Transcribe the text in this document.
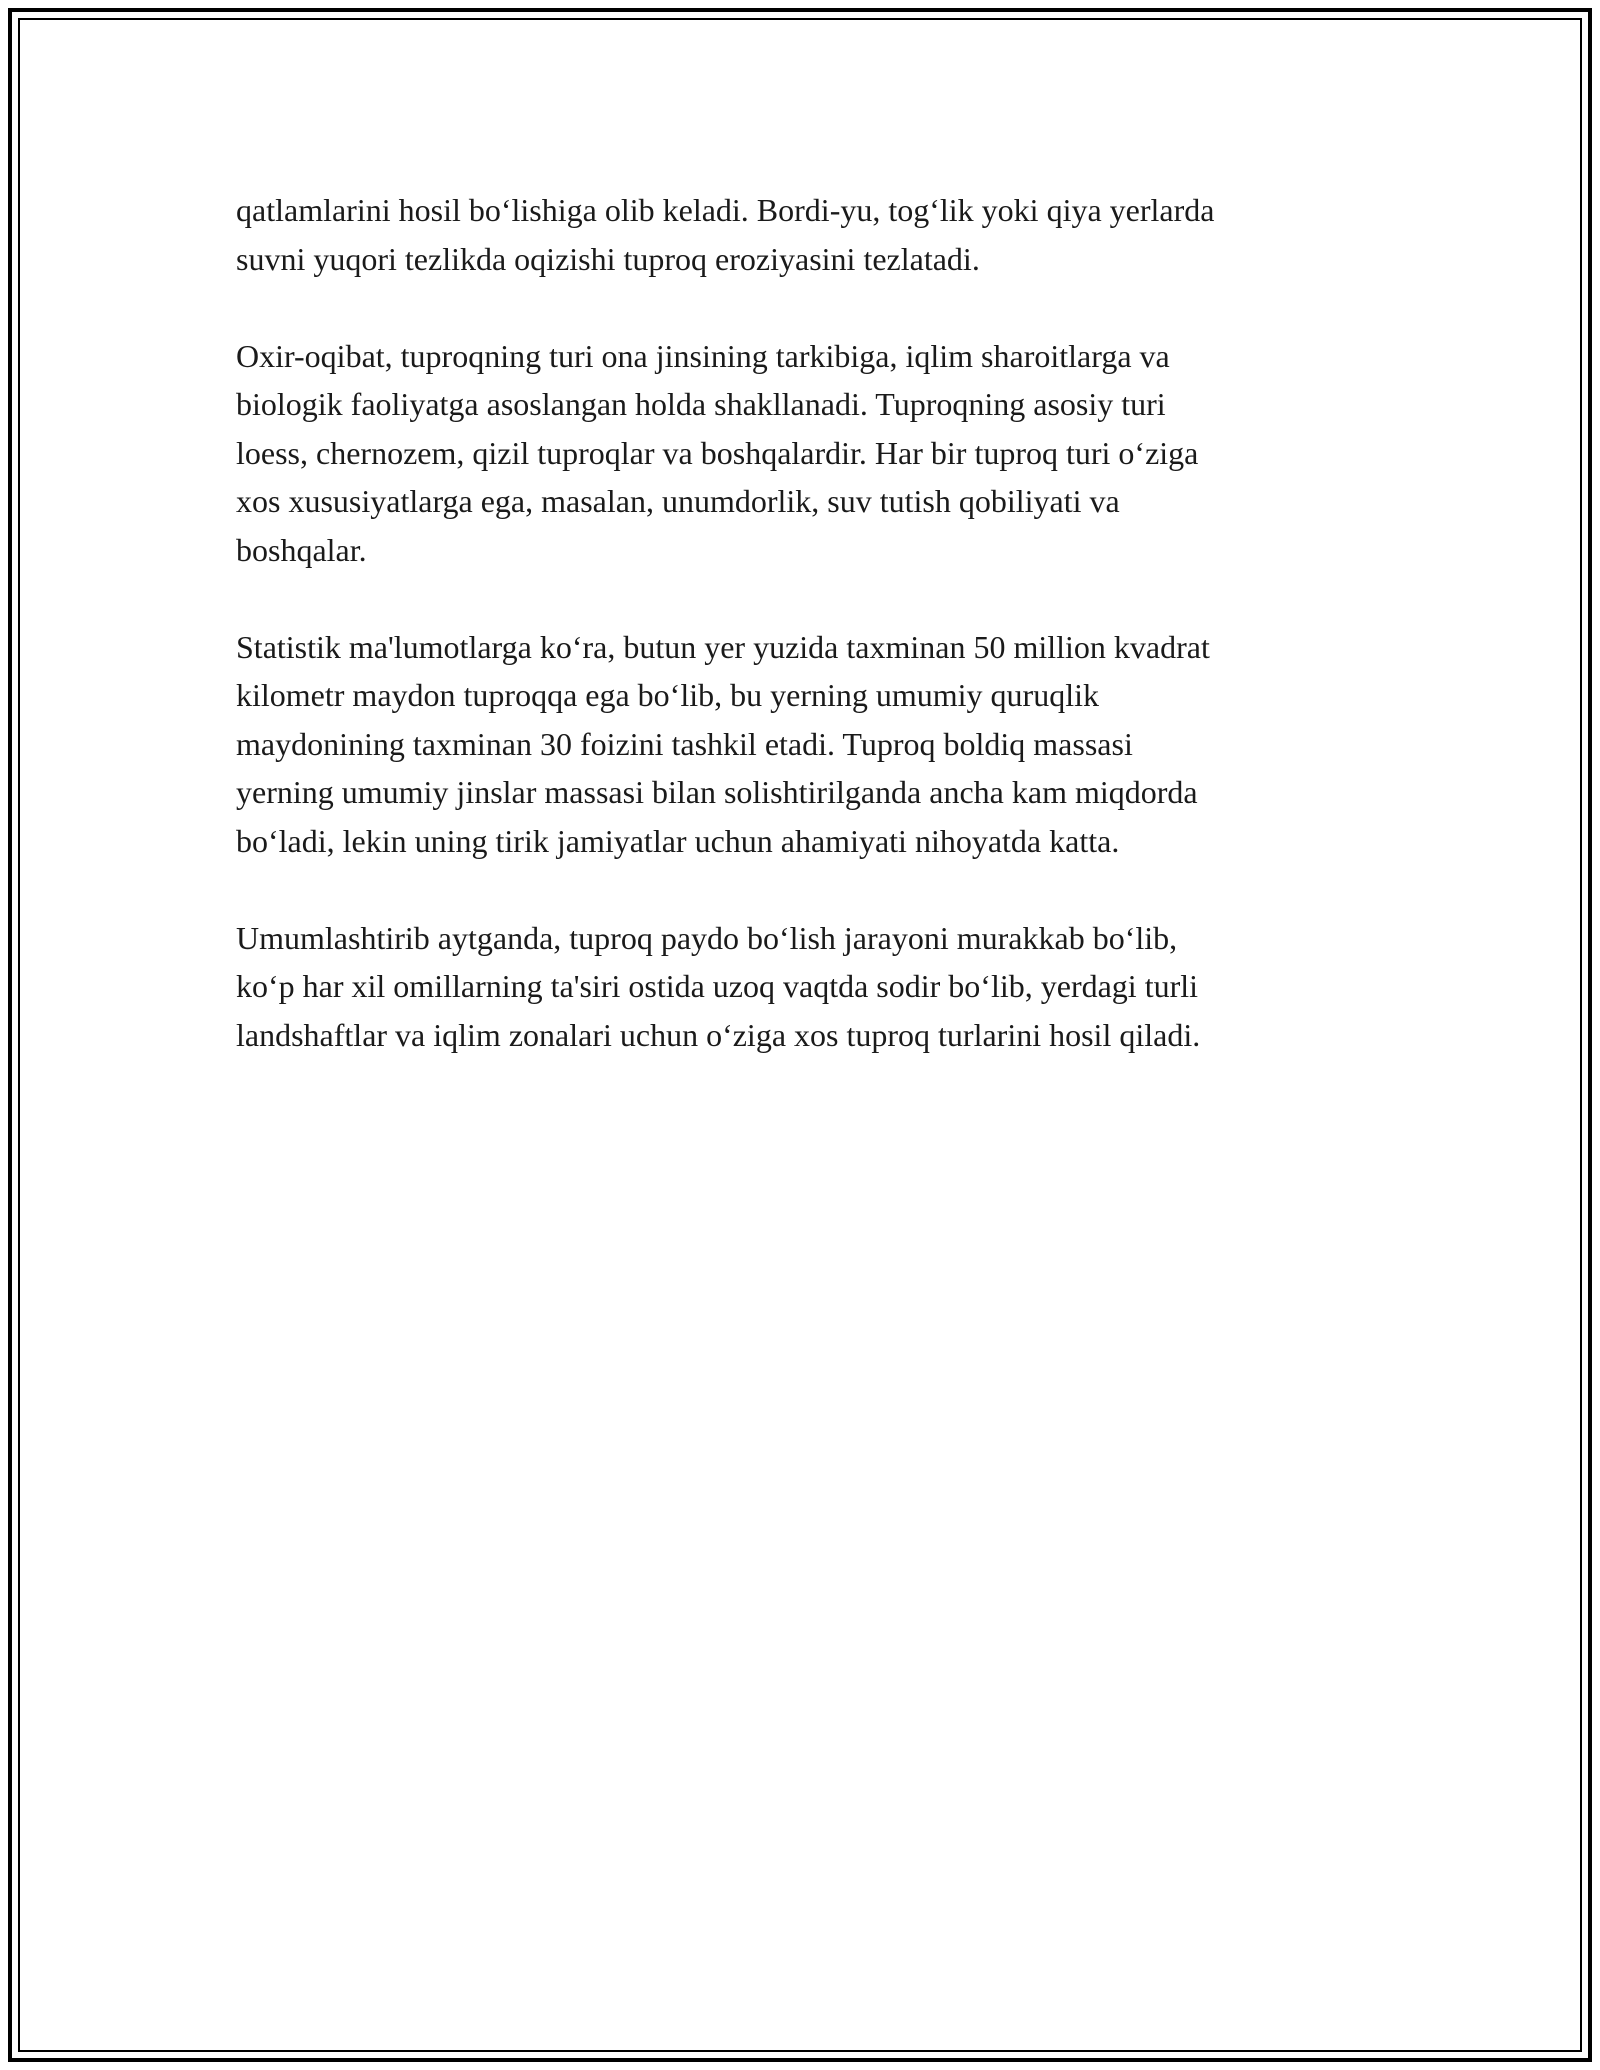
qatlamlarini hosil bo‘lishiga olib keladi. Bordi-yu, tog‘lik yoki qiya yerlarda
suvni yuqori tezlikda oqizishi tuproq eroziyasini tezlatadi.

Oxir-oqibat, tuproqning turi ona jinsining tarkibiga, iqlim sharoitlarga va
biologik faoliyatga asoslangan holda shakllanadi. Tuproqning asosiy turi
loess, chernozem, qizil tuproqlar va boshqalardir. Har bir tuproq turi o‘ziga
xos xususiyatlarga ega, masalan, unumdorlik, suv tutish qobiliyati va
boshqalar.

Statistik ma'lumotlarga ko‘ra, butun yer yuzida taxminan 50 million kvadrat
kilometr maydon tuproqqa ega bo‘lib, bu yerning umumiy quruqlik
maydonining taxminan 30 foizini tashkil etadi. Tuproq boldiq massasi
yerning umumiy jinslar massasi bilan solishtirilganda ancha kam miqdorda
bo‘ladi, lekin uning tirik jamiyatlar uchun ahamiyati nihoyatda katta.

Umumlashtirib aytganda, tuproq paydo bo‘lish jarayoni murakkab bo‘lib,
ko‘p har xil omillarning ta'siri ostida uzoq vaqtda sodir bo‘lib, yerdagi turli
landshaftlar va iqlim zonalari uchun o‘ziga xos tuproq turlarini hosil qiladi.
